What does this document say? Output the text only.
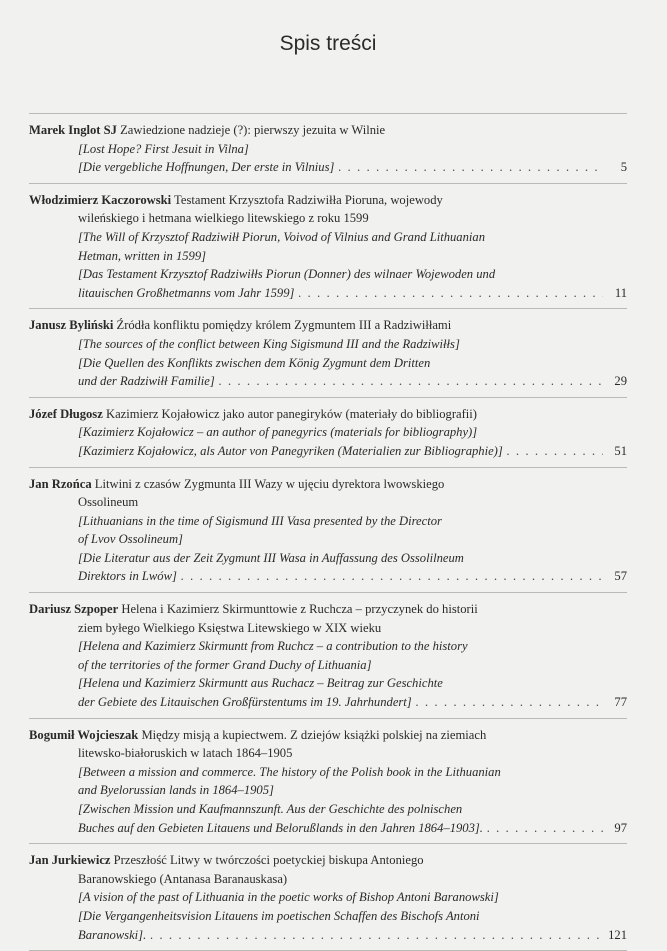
Spis treści
Marek Inglot SJ Zawiedzione nadzieje (?): pierwszy jezuita w Wilnie
[Lost Hope? First Jesuit in Vilna]
[Die vergebliche Hoffnungen, Der erste in Vilnius] . . .	5
Włodzimierz Kaczorowski Testament Krzysztofa Radziwiłła Pioruna, wojewody
wileńskiego i hetmana wielkiego litewskiego z roku 1599
[The Will of Krzysztof Radziwiłł Piorun, Voivod of Vilnius and Grand Lithuanian
Hetman, written in 1599]
[Das Testament Krzysztof Radziwiłłs Piorun (Donner) des wilnaer Wojewoden und
litauischen Großhetmanns vom Jahr 1599] . . .	11
Janusz Byliński Źródła konfliktu pomiędzy królem Zygmuntem III a Radziwiłłami
[The sources of the conflict between King Sigismund III and the Radziwiłłs]
[Die Quellen des Konflikts zwischen dem König Zygmunt dem Dritten
und der Radziwiłł Familie] . . .	29
Józef Długosz Kazimierz Kojałowicz jako autor panegiryków (materiały do bibliografii)
[Kazimierz Kojałowicz – an author of panegyrics (materials for bibliography)]
[Kazimierz Kojałowicz, als Autor von Panegyriken (Materialien zur Bibliographie)] . . .	51
Jan Rzońca Litwini z czasów Zygmunta III Wazy w ujęciu dyrektora lwowskiego
Ossolineum
[Lithuanians in the time of Sigismund III Vasa presented by the Director
of Lvov Ossolineum]
[Die Literatur aus der Zeit Zygmunt III Wasa in Auffassung des Ossolilneum
Direktors in Lwów] . . .	57
Dariusz Szpoper Helena i Kazimierz Skirmunttowie z Ruchcza – przyczynek do historii
ziem byłego Wielkiego Księstwa Litewskiego w XIX wieku
[Helena and Kazimierz Skirmuntt from Ruchcz – a contribution to the history
of the territories of the former Grand Duchy of Lithuania]
[Helena und Kazimierz Skirmuntt aus Ruchacz – Beitrag zur Geschichte
der Gebiete des Litauischen Großfürstentums im 19. Jahrhundert] . . .	77
Bogumił Wojcieszak Między misją a kupiectwem. Z dziejów książki polskiej na ziemiach
litewsko-białoruskich w latach 1864–1905
[Between a mission and commerce. The history of the Polish book in the Lithuanian
and Byelorussian lands in 1864–1905]
[Zwischen Mission und Kaufmannszunft. Aus der Geschichte des polnischen
Buches auf den Gebieten Litauens und Belorußlands in den Jahren 1864–1903]. . . .	97
Jan Jurkiewicz Przeszłość Litwy w twórczości poetyckiej biskupa Antoniego
Baranowskiego (Antanasa Baranauskasa)
[A vision of the past of Lithuania in the poetic works of Bishop Antoni Baranowski]
[Die Vergangenheitsvision Litauens im poetischen Schaffen des Bischofs Antoni
Baranowski]. . . .	121
